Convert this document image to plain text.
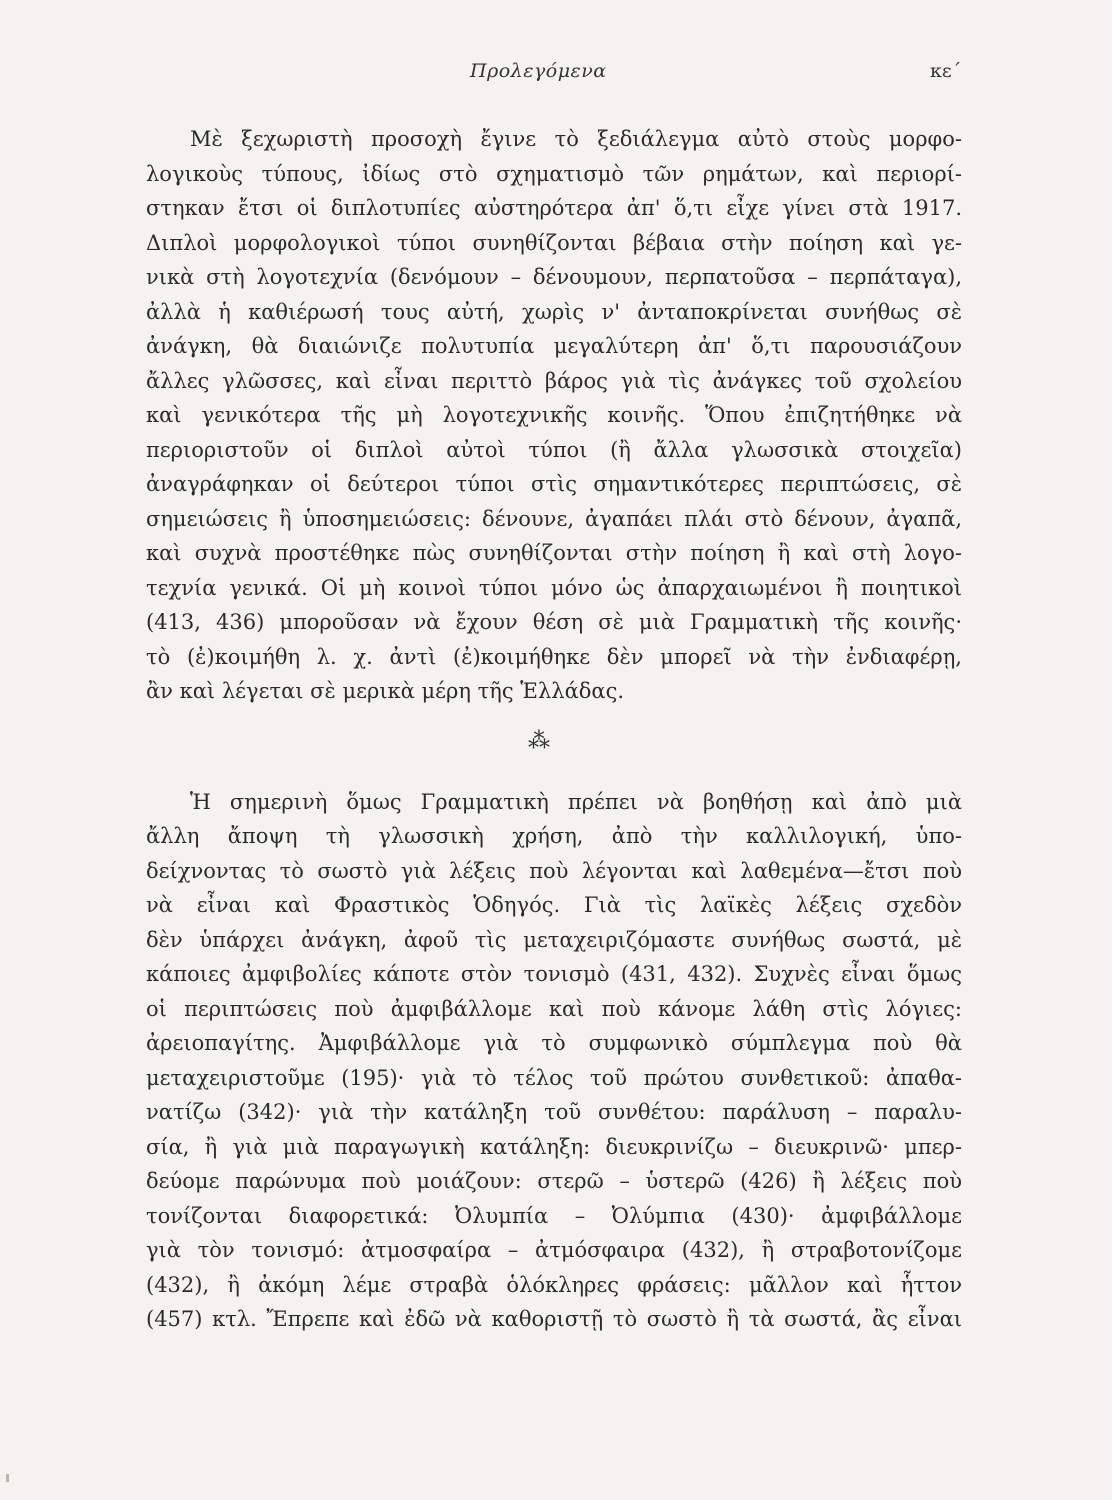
Προλεγόμενα	κε΄
Μὲ ξεχωριστὴ προσοχὴ ἔγινε τὸ ξεδιάλεγμα αὐτὸ στοὺς μορφο-
λογικοὺς τύπους, ἰδίως στὸ σχηματισμὸ τῶν ρημάτων, καὶ περιορί-
στηκαν ἔτσι οἱ διπλοτυπίες αὐστηρότερα ἀπ' ὅ,τι εἶχε γίνει στὰ 1917.
Διπλοὶ μορφολογικοὶ τύποι συνηθίζονται βέβαια στὴν ποίηση καὶ γε-
νικὰ στὴ λογοτεχνία (δενόμουν – δένουμουν, περπατοῦσα – περπάταγα),
ἀλλὰ ἡ καθιέρωσή τους αὐτή, χωρὶς ν' ἀνταποκρίνεται συνήθως σὲ
ἀνάγκη, θὰ διαιώνιζε πολυτυπία μεγαλύτερη ἀπ' ὅ,τι παρουσιάζουν
ἄλλες γλῶσσες, καὶ εἶναι περιττὸ βάρος γιὰ τὶς ἀνάγκες τοῦ σχολείου
καὶ γενικότερα τῆς μὴ λογοτεχνικῆς κοινῆς. Ὅπου ἐπιζητήθηκε νὰ
περιοριστοῦν οἱ διπλοὶ αὐτοὶ τύποι (ἢ ἄλλα γλωσσικὰ στοιχεῖα)
ἀναγράφηκαν οἱ δεύτεροι τύποι στὶς σημαντικότερες περιπτώσεις, σὲ
σημειώσεις ἢ ὑποσημειώσεις: δένουνε, ἀγαπάει πλάι στὸ δένουν, ἀγαπᾶ,
καὶ συχνὰ προστέθηκε πὼς συνηθίζονται στὴν ποίηση ἢ καὶ στὴ λογο-
τεχνία γενικά. Οἱ μὴ κοινοὶ τύποι μόνο ὡς ἀπαρχαιωμένοι ἢ ποιητικοὶ
(413, 436) μποροῦσαν νὰ ἔχουν θέση σὲ μιὰ Γραμματικὴ τῆς κοινῆς·
τὸ (ἐ)κοιμήθη λ. χ. ἀντὶ (ἐ)κοιμήθηκε δὲν μπορεῖ νὰ τὴν ἐνδιαφέρῃ,
ἂν καὶ λέγεται σὲ μερικὰ μέρη τῆς Ἑλλάδας.
⁂
Ἡ σημερινὴ ὅμως Γραμματικὴ πρέπει νὰ βοηθήσῃ καὶ ἀπὸ μιὰ
ἄλλη ἄποψη τὴ γλωσσικὴ χρήση, ἀπὸ τὴν καλλιλογική, ὑπο-
δείχνοντας τὸ σωστὸ γιὰ λέξεις ποὺ λέγονται καὶ λαθεμένα—ἔτσι ποὺ
νὰ εἶναι καὶ Φραστικὸς Ὁδηγός. Γιὰ τὶς λαϊκὲς λέξεις σχεδὸν
δὲν ὑπάρχει ἀνάγκη, ἀφοῦ τὶς μεταχειριζόμαστε συνήθως σωστά, μὲ
κάποιες ἀμφιβολίες κάποτε στὸν τονισμὸ (431, 432). Συχνὲς εἶναι ὅμως
οἱ περιπτώσεις ποὺ ἀμφιβάλλομε καὶ ποὺ κάνομε λάθη στὶς λόγιες:
ἀρειοπαγίτης. Ἀμφιβάλλομε γιὰ τὸ συμφωνικὸ σύμπλεγμα ποὺ θὰ
μεταχειριστοῦμε (195)· γιὰ τὸ τέλος τοῦ πρώτου συνθετικοῦ: ἀπαθα-
νατίζω (342)· γιὰ τὴν κατάληξη τοῦ συνθέτου: παράλυση – παραλυ-
σία, ἢ γιὰ μιὰ παραγωγικὴ κατάληξη: διευκρινίζω – διευκρινῶ· μπερ-
δεύομε παρώνυμα ποὺ μοιάζουν: στερῶ – ὑστερῶ (426) ἢ λέξεις ποὺ
τονίζονται διαφορετικά: Ὀλυμπία – Ὀλύμπια (430)· ἀμφιβάλλομε
γιὰ τὸν τονισμό: ἀτμοσφαίρα – ἀτμόσφαιρα (432), ἢ στραβοτονίζομε
(432), ἢ ἀκόμη λέμε στραβὰ ὁλόκληρες φράσεις: μᾶλλον καὶ ἧττον
(457) κτλ. Ἔπρεπε καὶ ἐδῶ νὰ καθοριστῇ τὸ σωστὸ ἢ τὰ σωστά, ἂς εἶναι
